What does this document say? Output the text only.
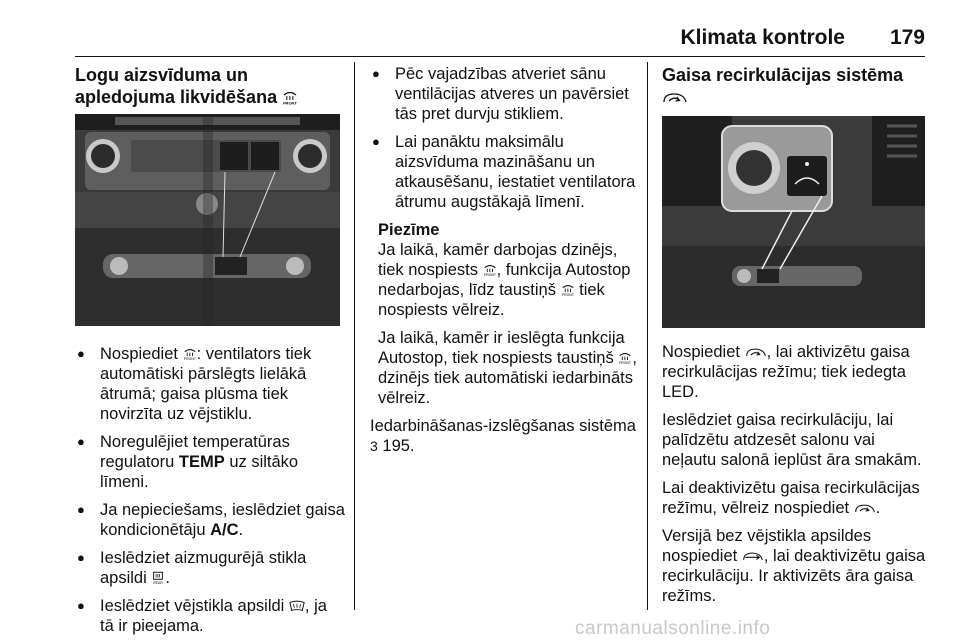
Klimata kontrole 179
Logu aizsvīduma un apledojuma likvidēšana FRONT
● Nospiediet FRONT : ventilators tiek automātiski pārslēgts lielākā ātrumā; gaisa plūsma tiek novirzīta uz vējstiklu.
● Noregulējiet temperatūras regulatoru TEMP uz siltāko līmeni.
● Ja nepieciešams, ieslēdziet gaisa kondicionētāju A/C.
● Ieslēdziet aizmugurējā stikla apsildi REAR .
● Ieslēdziet vējstikla apsildi , ja tā ir pieejama.
● Pēc vajadzības atveriet sānu ventilācijas atveres un pavērsiet tās pret durvju stikliem.
● Lai panāktu maksimālu aizsvīduma mazināšanu un atkausēšanu, iestatiet ventilatora ātrumu augstākajā līmenī.
Piezīme

Ja laikā, kamēr darbojas dzinējs, tiek nospiests FRONT , funkcija Autostop nedarbojas, līdz taustiņš FRONT tiek nospiests vēlreiz.

Ja laikā, kamēr ir ieslēgta funkcija Autostop, tiek nospiests taustiņš FRONT , dzinējs tiek automātiski iedarbināts vēlreiz.

Iedarbināšanas-izslēgšanas sistēma
3 195.

Gaisa recirkulācijas sistēma

Nospiediet , lai aktivizētu gaisa recirkulācijas režīmu; tiek iedegta LED.

Ieslēdziet gaisa recirkulāciju, lai palīdzētu atdzesēt salonu vai neļautu salonā ieplūst āra smakām.

Lai deaktivizētu gaisa recirkulācijas režīmu, vēlreiz nospiediet .

Versijā bez vējstikla apsildes nospiediet , lai deaktivizētu gaisa recirkulāciju. Ir aktivizēts āra gaisa režīms.

carmanualsonline.info
